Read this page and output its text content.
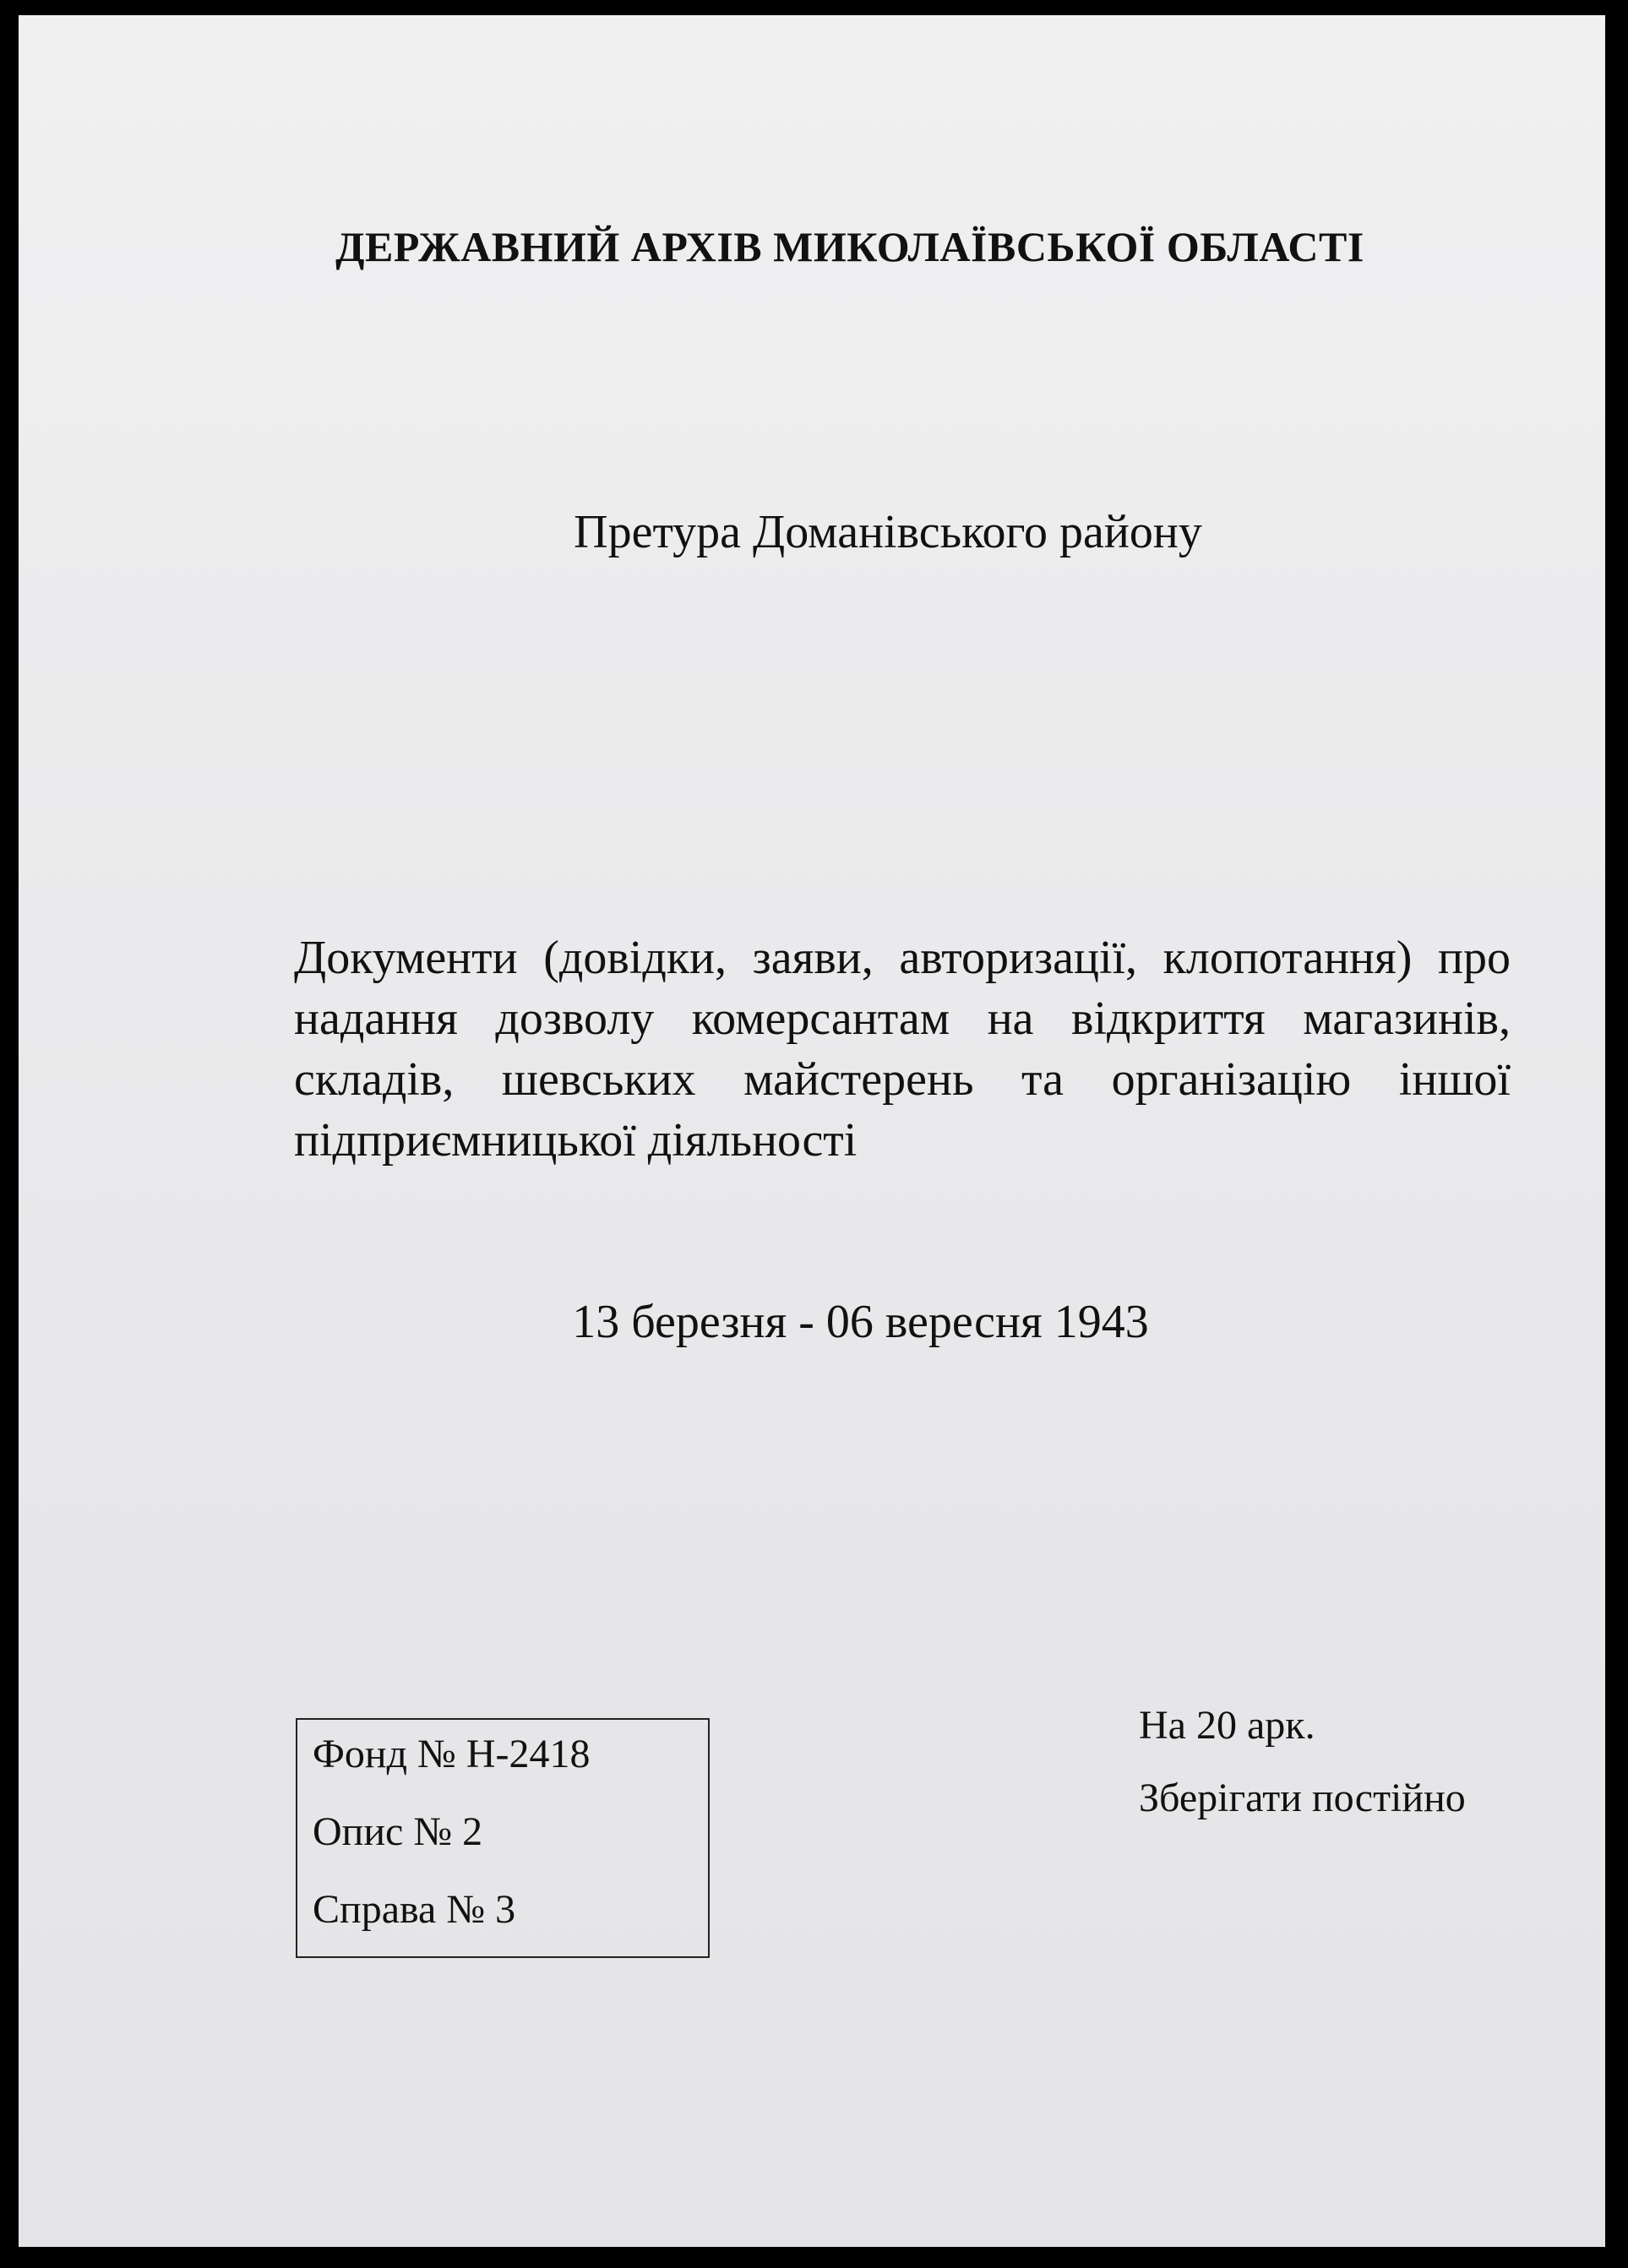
ДЕРЖАВНИЙ АРХІВ МИКОЛАЇВСЬКОЇ ОБЛАСТІ
Претура Доманівського району
Документи (довідки, заяви, авторизації, клопотання) про надання дозволу комерсантам на відкриття магазинів, складів, шевських майстерень та організацію іншої підприємницької діяльності
13 березня - 06 вересня 1943
Фонд № Н-2418
Опис № 2
Справа № 3
На 20 арк.
Зберігати постійно
